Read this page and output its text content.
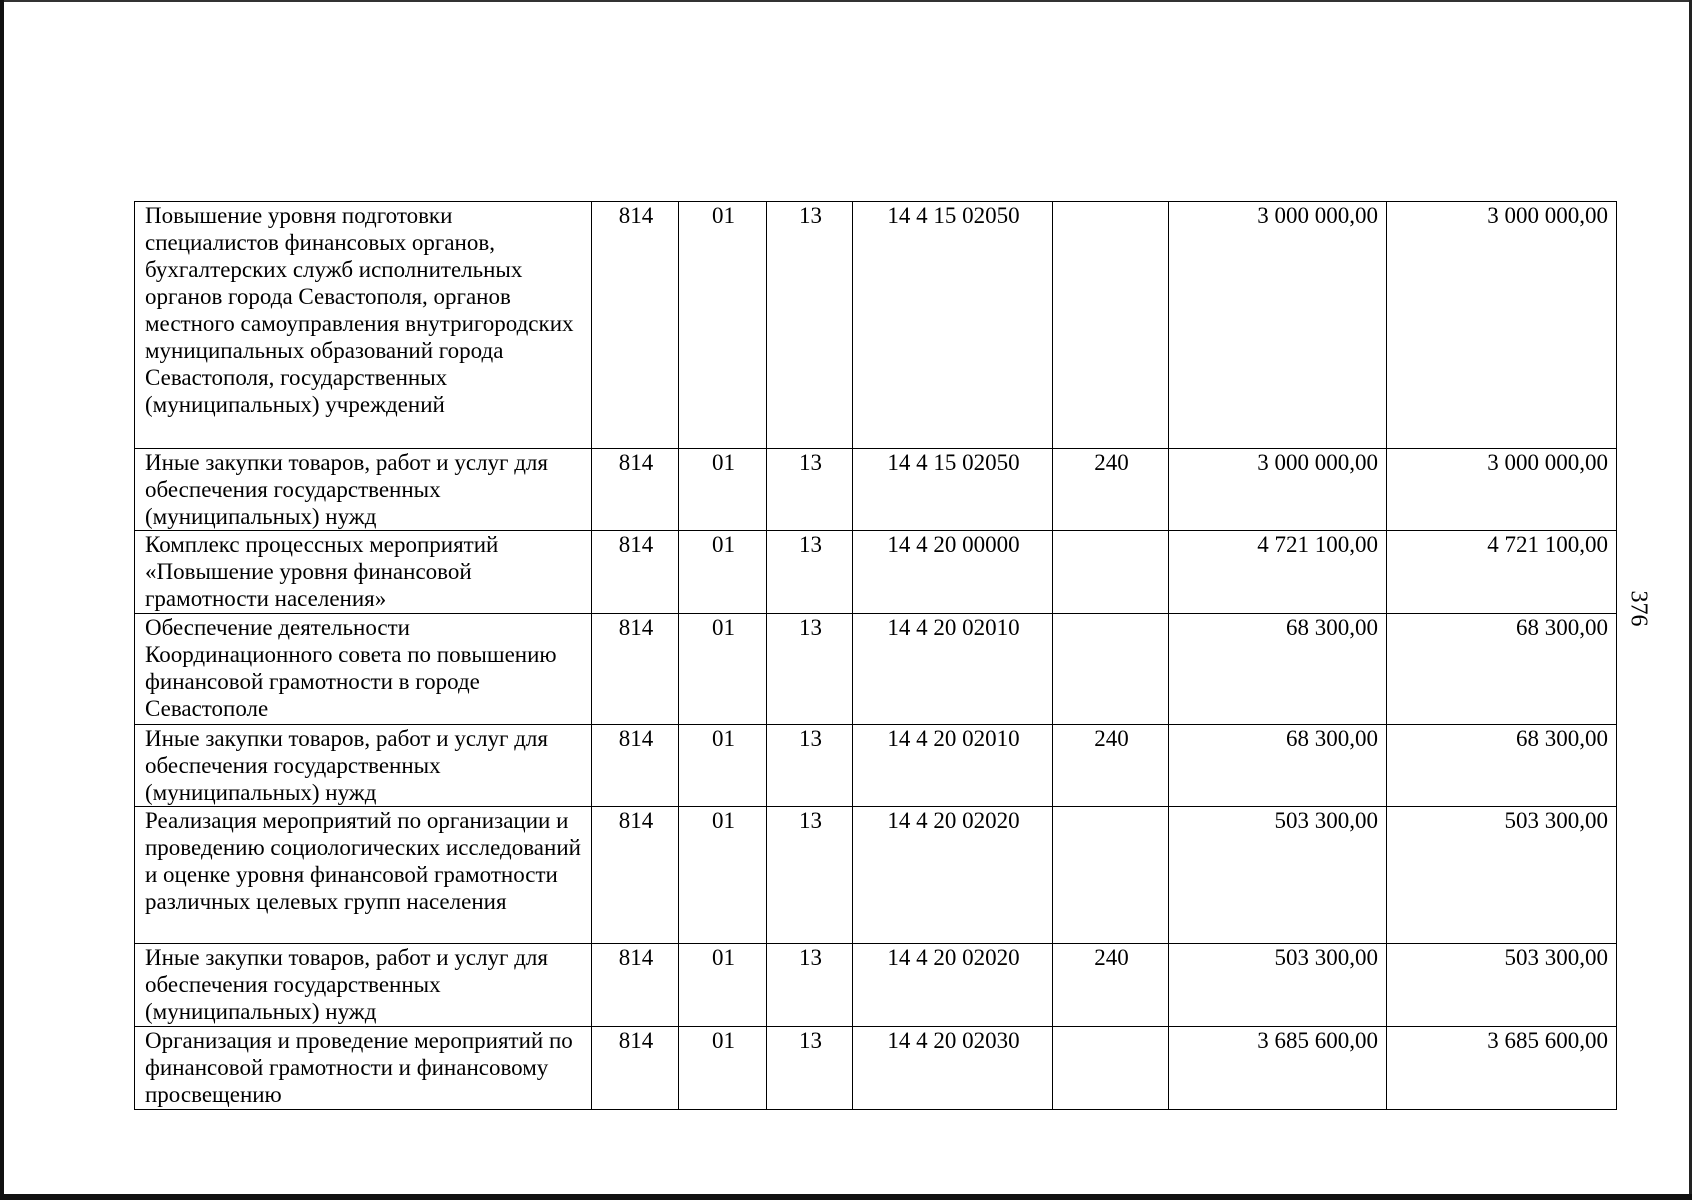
376
Повышение уровня подготовки специалистов финансовых органов, бухгалтерских служб исполнительных органов города Севастополя, органов местного самоуправления внутригородских муниципальных образований города Севастополя, государственных (муниципальных) учреждений	814	01	13	14 4 15 02050		3 000 000,00	3 000 000,00
Иные закупки товаров, работ и услуг для обеспечения государственных (муниципальных) нужд	814	01	13	14 4 15 02050	240	3 000 000,00	3 000 000,00
Комплекс процессных мероприятий «Повышение уровня финансовой грамотности населения»	814	01	13	14 4 20 00000		4 721 100,00	4 721 100,00
Обеспечение деятельности Координационного совета по повышению финансовой грамотности в городе Севастополе	814	01	13	14 4 20 02010		68 300,00	68 300,00
Иные закупки товаров, работ и услуг для обеспечения государственных (муниципальных) нужд	814	01	13	14 4 20 02010	240	68 300,00	68 300,00
Реализация мероприятий по организации и проведению социологических исследований и оценке уровня финансовой грамотности различных целевых групп населения	814	01	13	14 4 20 02020		503 300,00	503 300,00
Иные закупки товаров, работ и услуг для обеспечения государственных (муниципальных) нужд	814	01	13	14 4 20 02020	240	503 300,00	503 300,00
Организация и проведение мероприятий по финансовой грамотности и финансовому просвещению	814	01	13	14 4 20 02030		3 685 600,00	3 685 600,00
